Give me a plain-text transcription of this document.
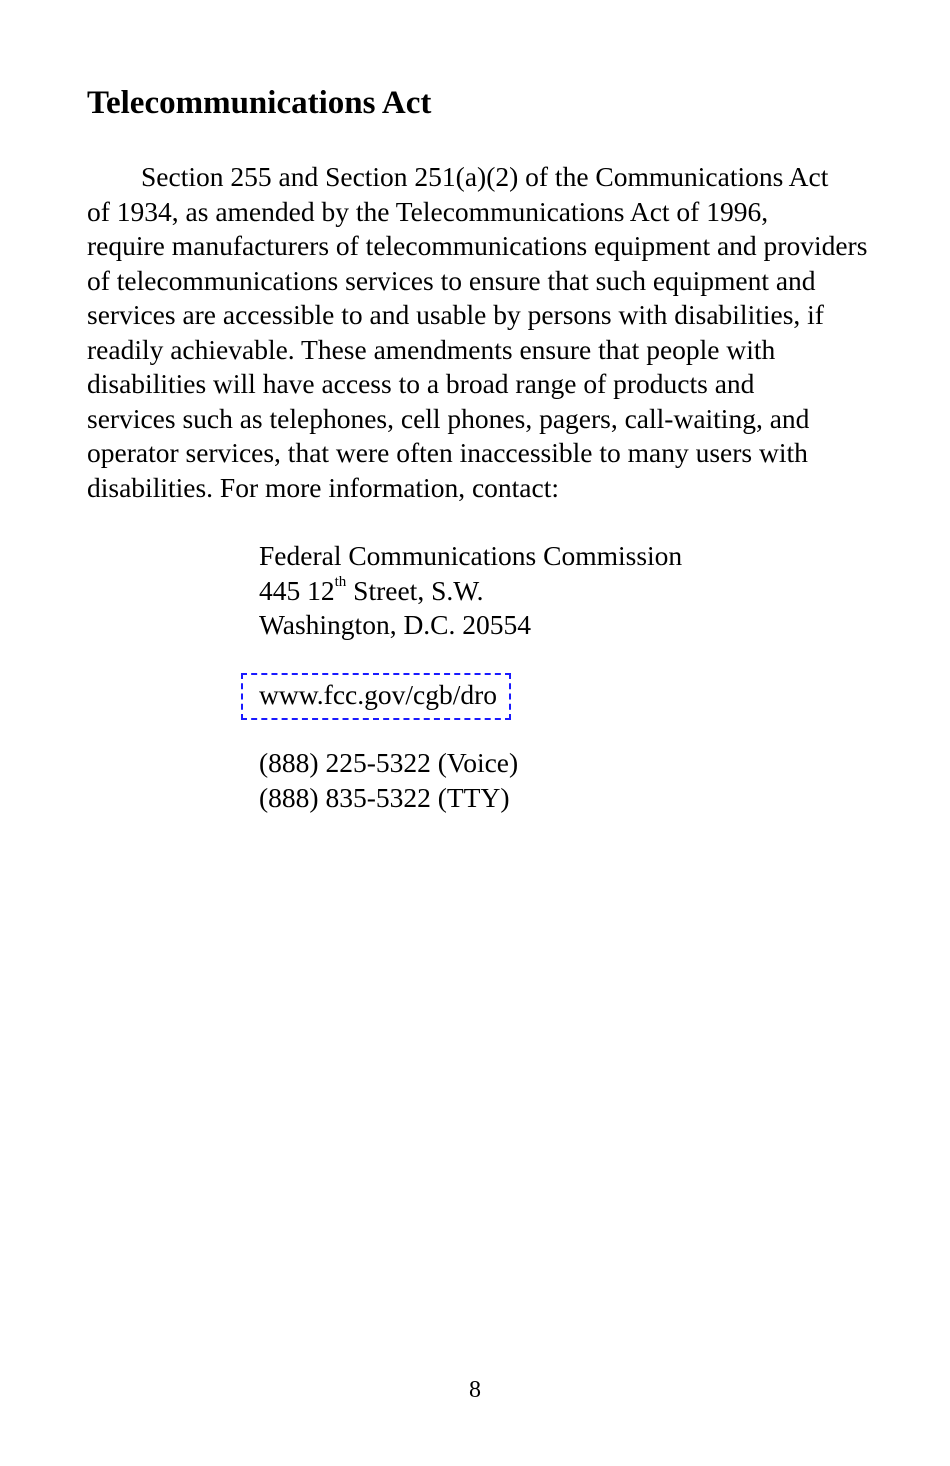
Telecommunications Act

Section 255 and Section 251(a)(2) of the Communications Act
of 1934, as amended by the Telecommunications Act of 1996,
require manufacturers of telecommunications equipment and providers
of telecommunications services to ensure that such equipment and
services are accessible to and usable by persons with disabilities, if
readily achievable. These amendments ensure that people with
disabilities will have access to a broad range of products and
services such as telephones, cell phones, pagers, call-waiting, and
operator services, that were often inaccessible to many users with
disabilities. For more information, contact:

Federal Communications Commission
445 12th Street, S.W.
Washington, D.C. 20554
www.fcc.gov/cgb/dro
(888) 225-5322 (Voice)
(888) 835-5322 (TTY)
8
